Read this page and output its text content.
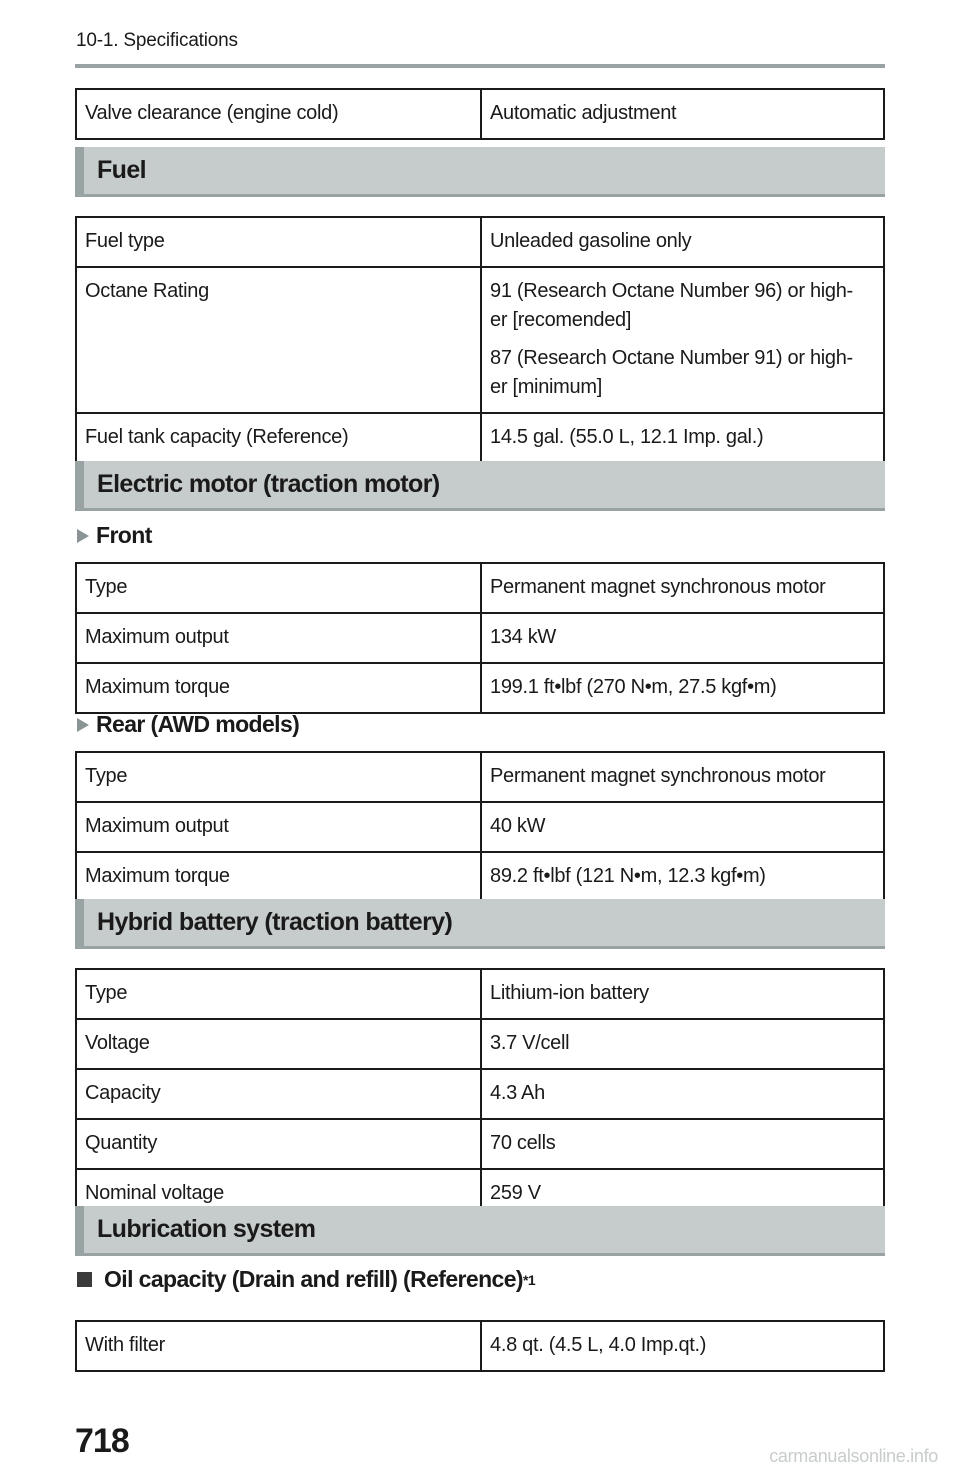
10-1. Specifications
Valve clearance (engine cold)	Automatic adjustment
Fuel
Fuel type	Unleaded gasoline only
Octane Rating	91 (Research Octane Number 96) or high-
er [recomended]

87 (Research Octane Number 91) or high-
er [minimum]

Fuel tank capacity (Reference)	14.5 gal. (55.0 L, 12.1 Imp. gal.)
Electric motor (traction motor)
Front
Type	Permanent magnet synchronous motor
Maximum output	134 kW
Maximum torque	199.1 ft•lbf (270 N•m, 27.5 kgf•m)
Rear (AWD models)
Type	Permanent magnet synchronous motor
Maximum output	40 kW
Maximum torque	89.2 ft•lbf (121 N•m, 12.3 kgf•m)
Hybrid battery (traction battery)
Type	Lithium-ion battery
Voltage	3.7 V/cell
Capacity	4.3 Ah
Quantity	70 cells
Nominal voltage	259 V
Lubrication system
Oil capacity (Drain and refill) (Reference) *1
With filter	4.8 qt. (4.5 L, 4.0 Imp.qt.)
718	carmanualsonline.info
